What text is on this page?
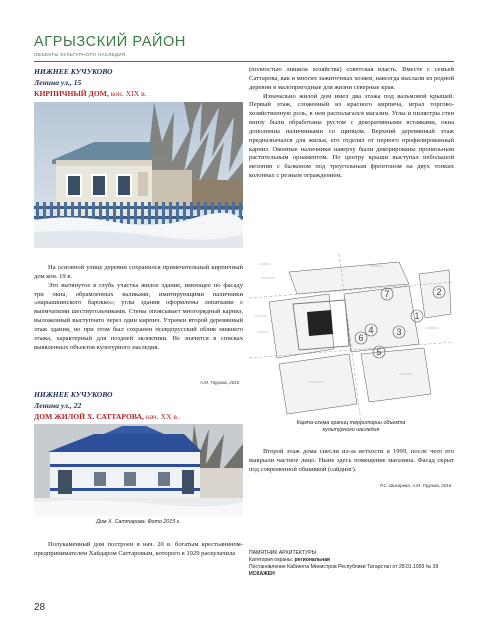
АГРЫЗСКИЙ РАЙОН
ОБЪЕКТЫ КУЛЬТУРНОГО НАСЛЕДИЯ
НИЖНЕЕ КУЧУКОВО
Ленина ул., 15
КИРПИЧНЫЙ ДОМ, кон. XIX в.

На основной улице деревни сохранился примечательный кирпичный дом кон. 19 в.

Это вытянутое в глубь участка жилое здание, имеющее по фасаду три окна, обрамленных валиками, имитирующими наличники «нарышкинского барокко»; углы здания оформлены лопатками с выемчатыми шестиугольниками. Стены опоясывает многорядный карниз, выложенный выступчато через один кирпич. Утрачен второй деревянный этаж здания, но при этом был сохранен псевдорусский облик нижнего этажа, характерный для поздней эклектики. Не значится в списках выявленных объектов культурного наследия.

А.М. Таурова, 2016
НИЖНЕЕ КУЧУКОВО
Ленина ул., 22
ДОМ ЖИЛОЙ Х. САТТАРОВА, нач. XX в.
Дом Х. Саттарова. Фото 2015 г.

Полукаменный дом построен в нач. 20 в. богатым крестьянином-предпринимателем Хайдаром Саттаровым, которого в 1929 раскулачила

(полностью лишила хозяйства) советская власть. Вместе с семьей Саттарова, как и многих зажиточных хозяев, навсегда выслали из родной деревни в малопригодные для жизни северные края.

Изначально жилой дом имел два этажа под вальмовой крышей. Первый этаж, сложенный из красного кирпича, играл торгово-хозяйственную роль, в нем располагался магазин. Углы и пилястры стен внизу были обработаны рустом с декоративными вставками, окна дополнены наличниками со щипцом. Верхний деревянный этаж предназначался для жилья, его отделял от первого профилированный карниз. Оконные наличники наверху были декорированы пропильным растительным орнаментом. По центру крыши выступал небольшой мезонин с балконом под треугольным фронтоном на двух тонких колоннах с резным ограждением.

1
2
3
4
5
6
7
Карта-схема границ территории объекта культурного наследия

Второй этаж дома снесли из-за ветхости в 1999, после чего его выкрыли частное лицо. Ныне здесь помещение магазина. Фасад скрыт под современной обшивкой (сайдинг).

Р.С. Шихарева, А.М. Таурова, 2016
ПАМЯТНИК АРХИТЕКТУРЫ
Категория охраны: региональная
Постановление Кабинета Министров Республики Татарстан от 28.01.1993 № 39
ИСКАЖЕН
28
